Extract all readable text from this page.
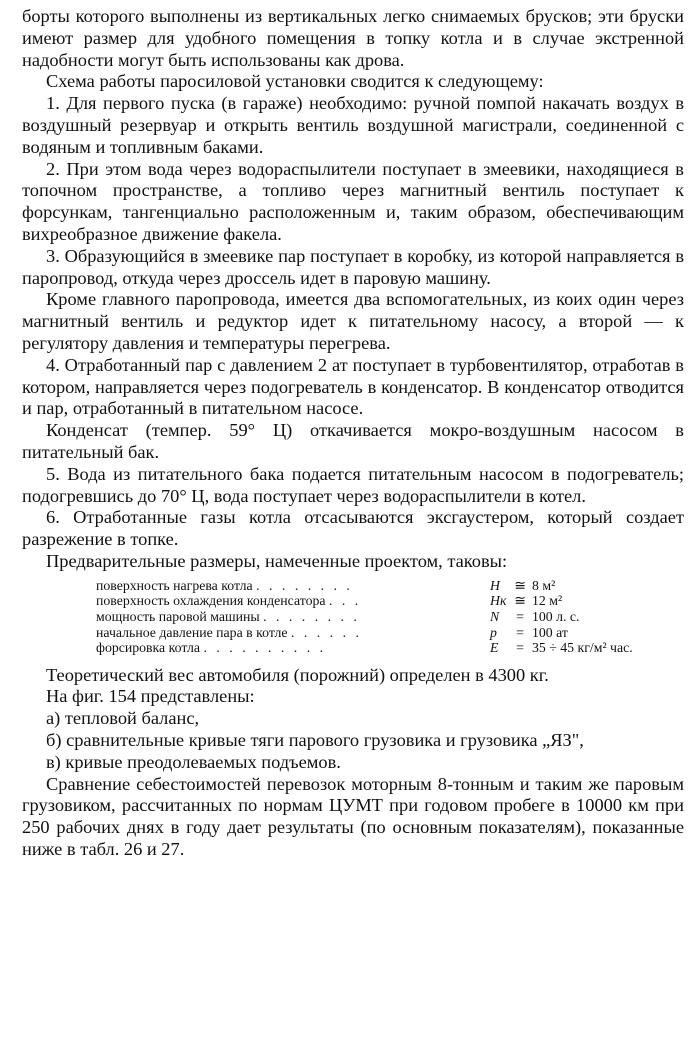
борты которого выполнены из вертикальных легко снимаемых брусков; эти бруски имеют размер для удобного помещения в топку котла и в случае экстренной надобности могут быть использованы как дрова.

Схема работы паросиловой установки сводится к следующему:

1. Для первого пуска (в гараже) необходимо: ручной помпой накачать воздух в воздушный резервуар и открыть вентиль воздушной магистрали, соединенной с водяным и топливным баками.

2. При этом вода через водораспылители поступает в змеевики, находящиеся в топочном пространстве, а топливо через магнитный вентиль поступает к форсункам, тангенциально расположенным и, таким образом, обеспечивающим вихреобразное движение факела.

3. Образующийся в змеевике пар поступает в коробку, из которой направляется в паропровод, откуда через дроссель идет в паровую машину.

Кроме главного паропровода, имеется два вспомогательных, из коих один через магнитный вентиль и редуктор идет к питательному насосу, а второй — к регулятору давления и температуры перегрева.

4. Отработанный пар с давлением 2 ат поступает в турбовентилятор, отработав в котором, направляется через подогреватель в конденсатор. В конденсатор отводится и пар, отработанный в питательном насосе.

Конденсат (темпер. 59° Ц) откачивается мокро-воздушным насосом в питательный бак.

5. Вода из питательного бака подается питательным насосом в подогреватель; подогревшись до 70° Ц, вода поступает через водораспылители в котел.

6. Отработанные газы котла отсасываются эксгаустером, который создает разрежение в топке.

Предварительные размеры, намеченные проектом, таковы:

поверхность нагрева котла . . . . . . . .	H	≅	8 м²
поверхность охлаждения конденсатора . . .	Hк	≅	12 м²
мощность паровой машины . . . . . . . .	N	=	100 л. с.
начальное давление пара в котле . . . . . .	p	=	100 ат
форсировка котла . . . . . . . . . .	E	=	35 ÷ 45 кг/м² час.

Теоретический вес автомобиля (порожний) определен в 4300 кг.

На фиг. 154 представлены:

а) тепловой баланс,

б) сравнительные кривые тяги парового грузовика и грузовика „ЯЗ",

в) кривые преодолеваемых подъемов.

Сравнение себестоимостей перевозок моторным 8-тонным и таким же паровым грузовиком, рассчитанных по нормам ЦУМТ при годовом пробеге в 10000 км при 250 рабочих днях в году дает результаты (по основным показателям), показанные ниже в табл. 26 и 27.
